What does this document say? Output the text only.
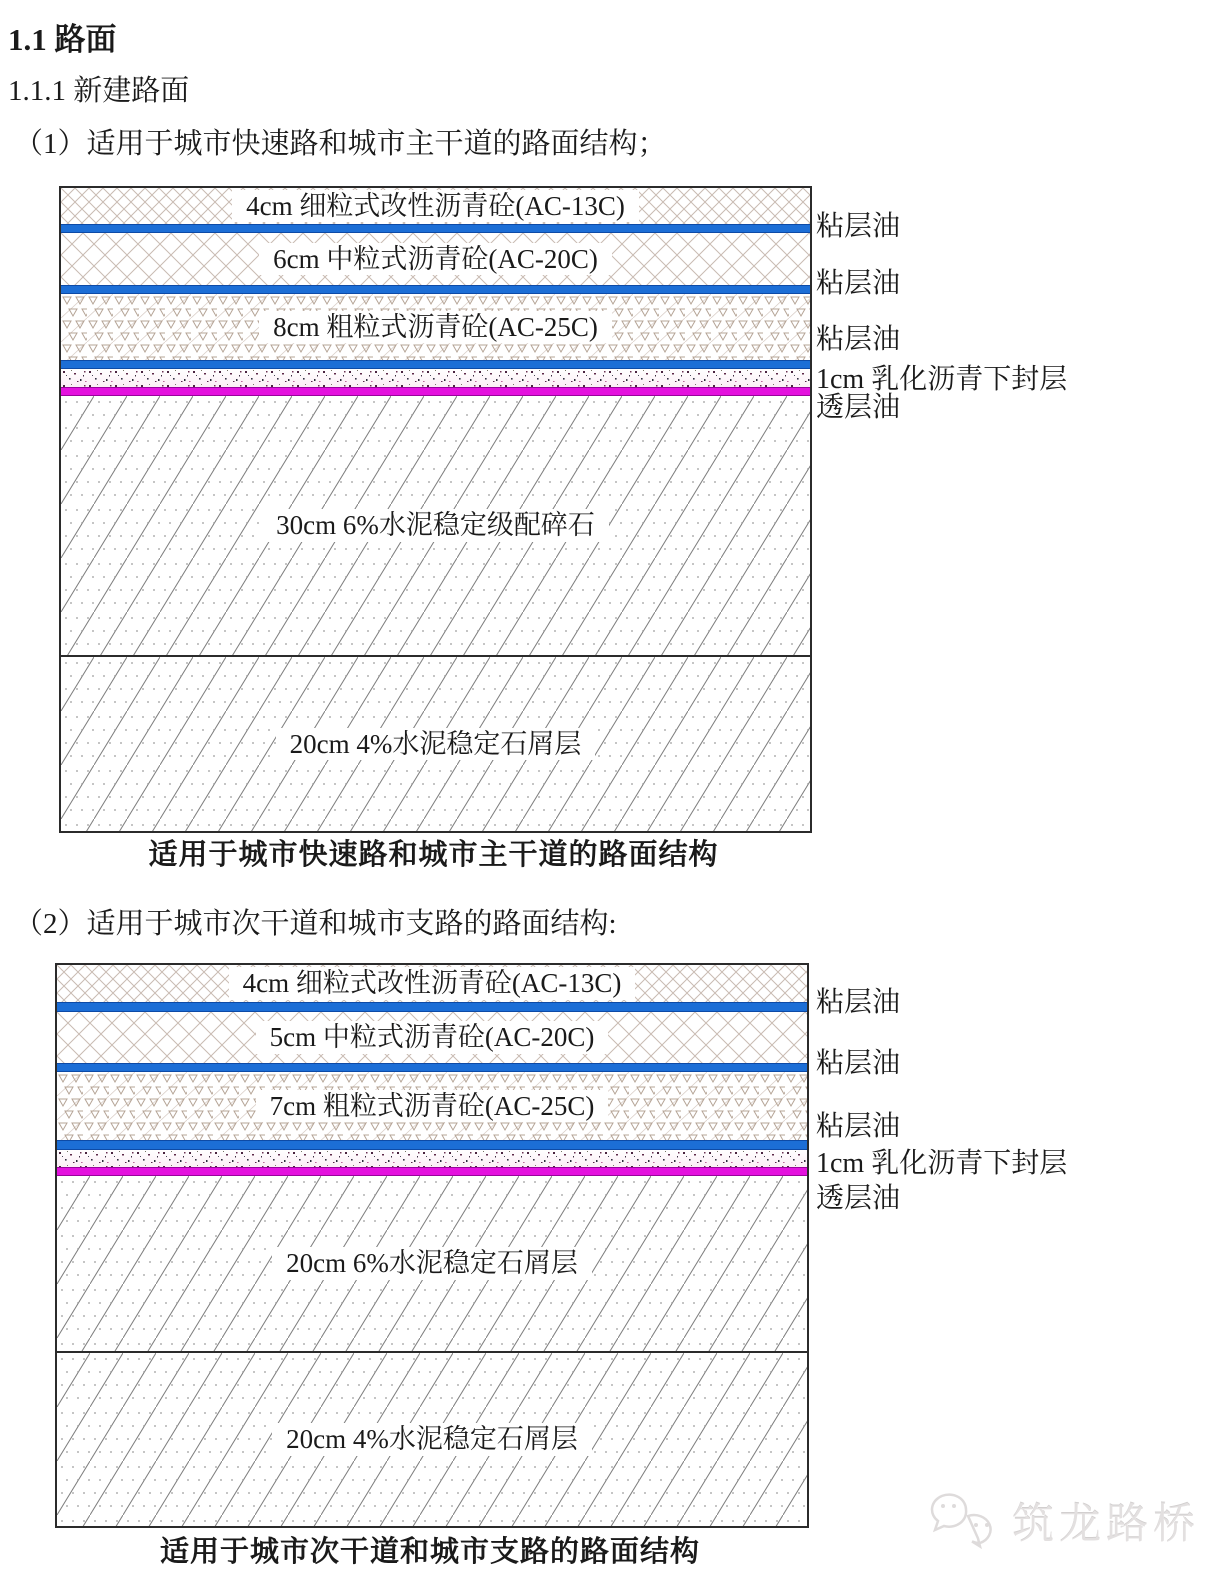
1.1 路面
1.1.1 新建路面
（1）适用于城市快速路和城市主干道的路面结构；
4cm 细粒式改性沥青砼(AC-13C)
6cm 中粒式沥青砼(AC-20C)
8cm 粗粒式沥青砼(AC-25C)
30cm 6%水泥稳定级配碎石
20cm 4%水泥稳定石屑层
粘层油
粘层油
粘层油
1cm 乳化沥青下封层
透层油
适用于城市快速路和城市主干道的路面结构
（2）适用于城市次干道和城市支路的路面结构:
4cm 细粒式改性沥青砼(AC-13C)
5cm 中粒式沥青砼(AC-20C)
7cm 粗粒式沥青砼(AC-25C)
20cm 6%水泥稳定石屑层
20cm 4%水泥稳定石屑层
粘层油
粘层油
粘层油
1cm 乳化沥青下封层
透层油
适用于城市次干道和城市支路的路面结构
筑龙路桥
